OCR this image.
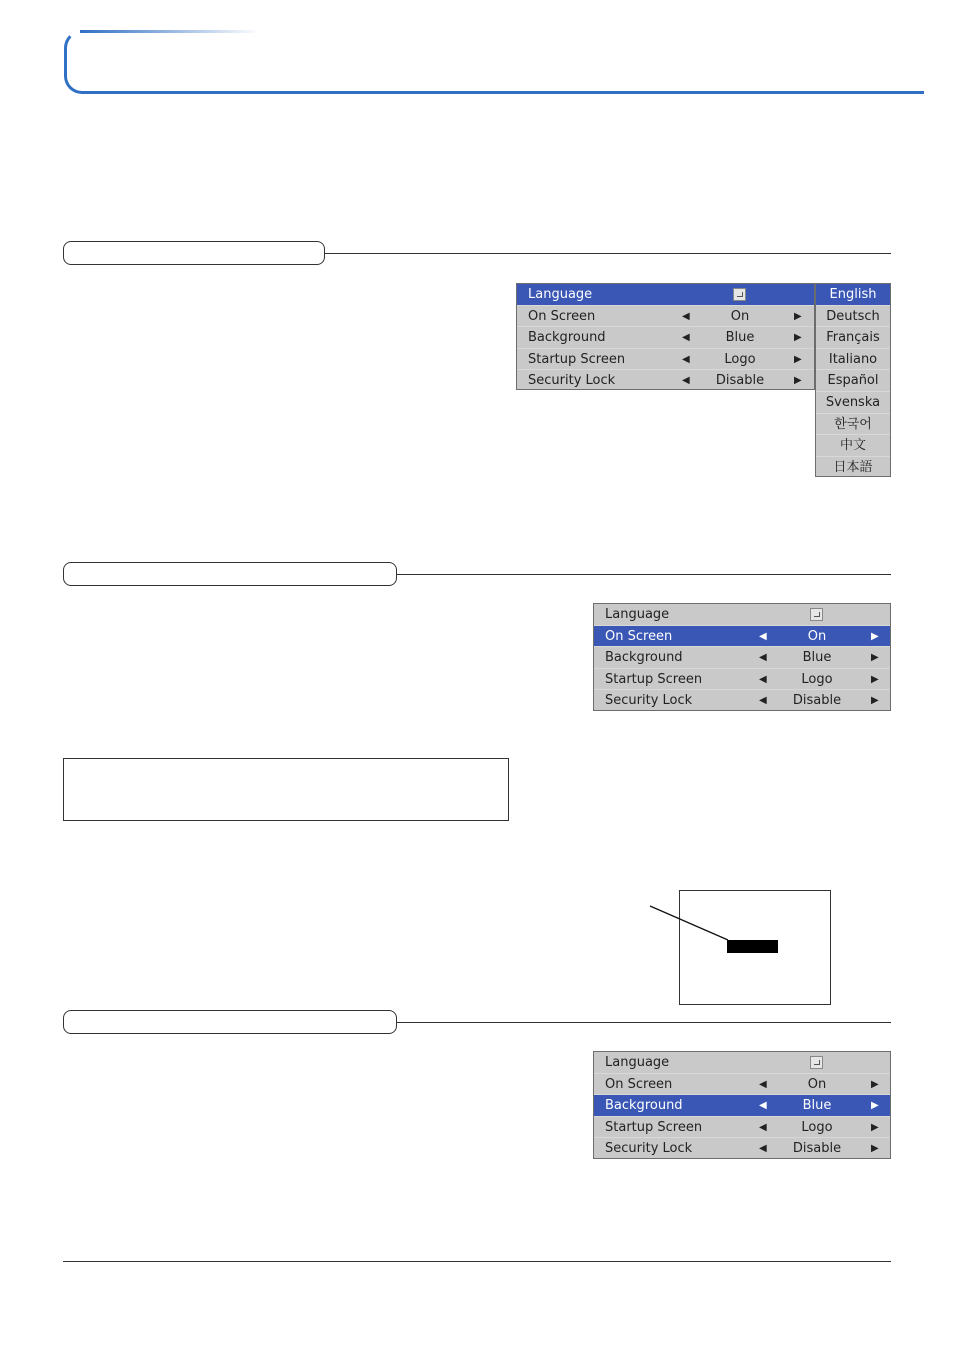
Language
On Screen	◀	On	▶
Background	◀	Blue	▶
Startup Screen	◀	Logo	▶
Security Lock	◀	Disable	▶
English
Deutsch
Français
Italiano
Español
Svenska
한국어
中文
日本語
Language
On Screen	◀	On	▶
Background	◀	Blue	▶
Startup Screen	◀	Logo	▶
Security Lock	◀	Disable	▶
Language
On Screen	◀	On	▶
Background	◀	Blue	▶
Startup Screen	◀	Logo	▶
Security Lock	◀	Disable	▶
